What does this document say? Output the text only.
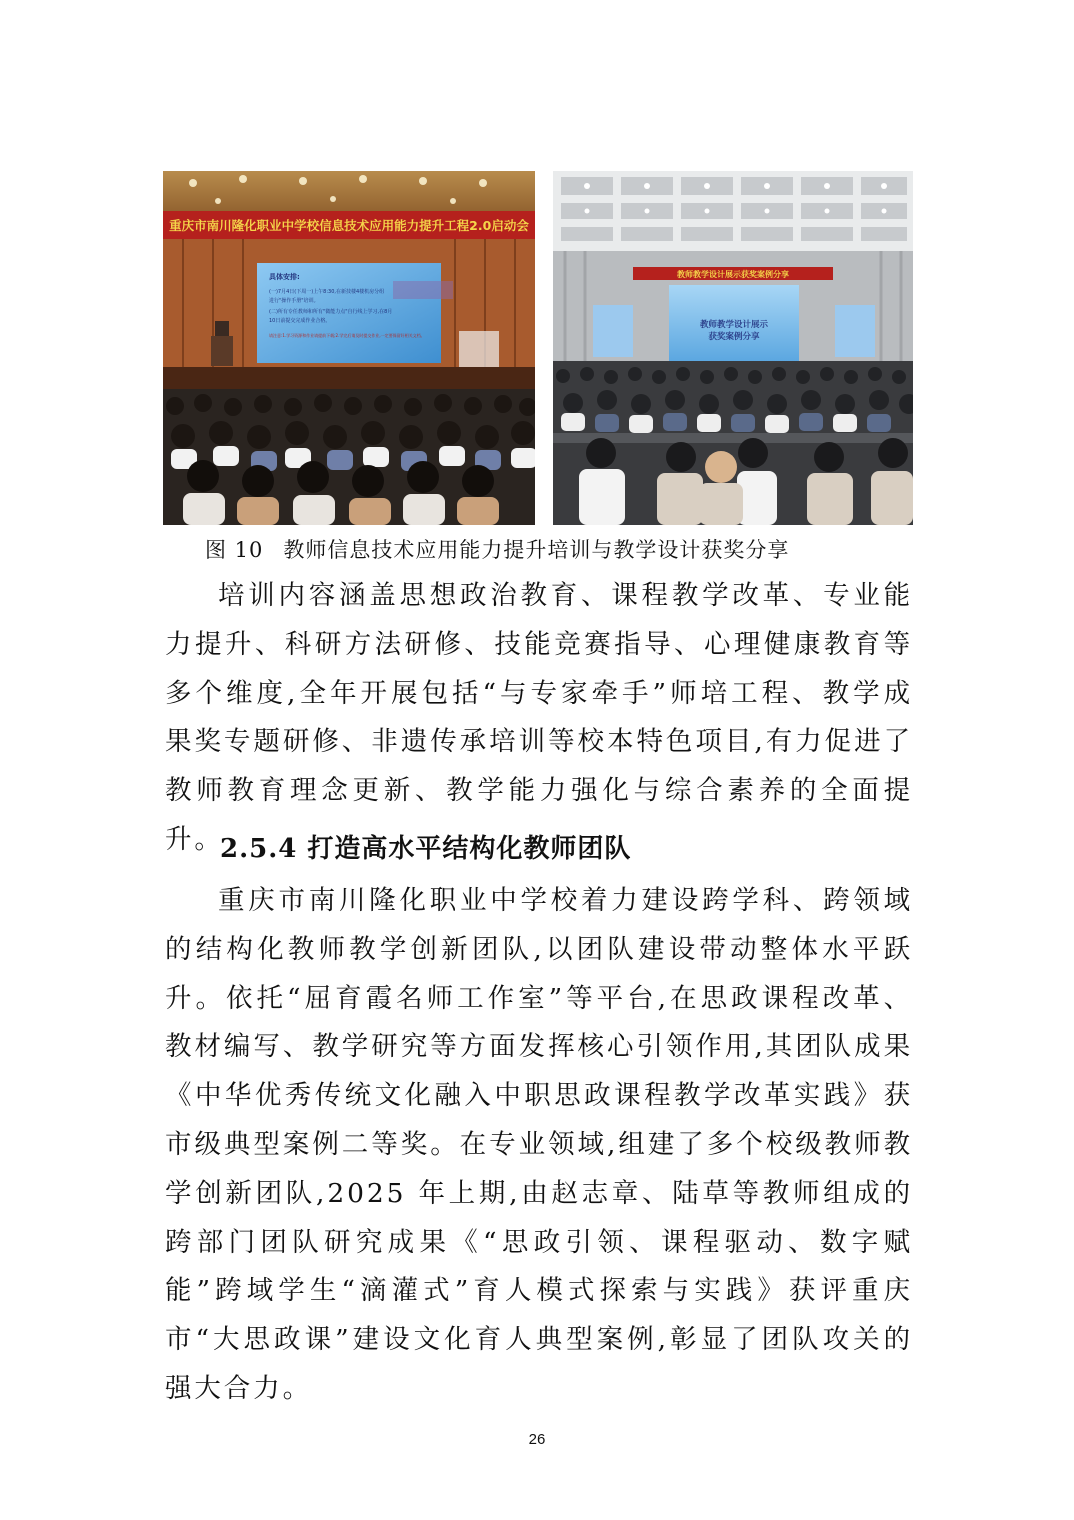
重庆市南川隆化职业中学校信息技术应用能力提升工程2.0启动会
具体安排:
(一)7月4日(下周一)上午8:30,在新技楼4楼机房分组
进行"操作手册"培训。
(二)所有专任教师和所有"微能力点"自行线上学习,在8月
10日前提交完成作业合格。
请注意:1.学习资源和作业请提前下载;2.学完后请及时提交作业,一定要保留好相关文档。
教师教学设计展示获奖案例分享
教师教学设计展示
获奖案例分享
图 10 教师信息技术应用能力提升培训与教学设计获奖分享

培训内容涵盖思想政治教育、课程教学改革、专业能力提升、科研方法研修、技能竞赛指导、心理健康教育等多个维度,全年开展包括“与专家牵手”师培工程、教学成果奖专题研修、非遗传承培训等校本特色项目,有力促进了教师教育理念更新、教学能力强化与综合素养的全面提升。

2.5.4 打造高水平结构化教师团队

重庆市南川隆化职业中学校着力建设跨学科、跨领域的结构化教师教学创新团队,以团队建设带动整体水平跃升。依托“屈育霞名师工作室”等平台,在思政课程改革、教材编写、教学研究等方面发挥核心引领作用,其团队成果《中华优秀传统文化融入中职思政课程教学改革实践》获市级典型案例二等奖。在专业领域,组建了多个校级教师教学创新团队,2025 年上期,由赵志章、陆草等教师组成的跨部门团队研究成果《“思政引领、课程驱动、数字赋能”跨域学生“滴灌式”育人模式探索与实践》获评重庆市“大思政课”建设文化育人典型案例,彰显了团队攻关的强大合力。

26
